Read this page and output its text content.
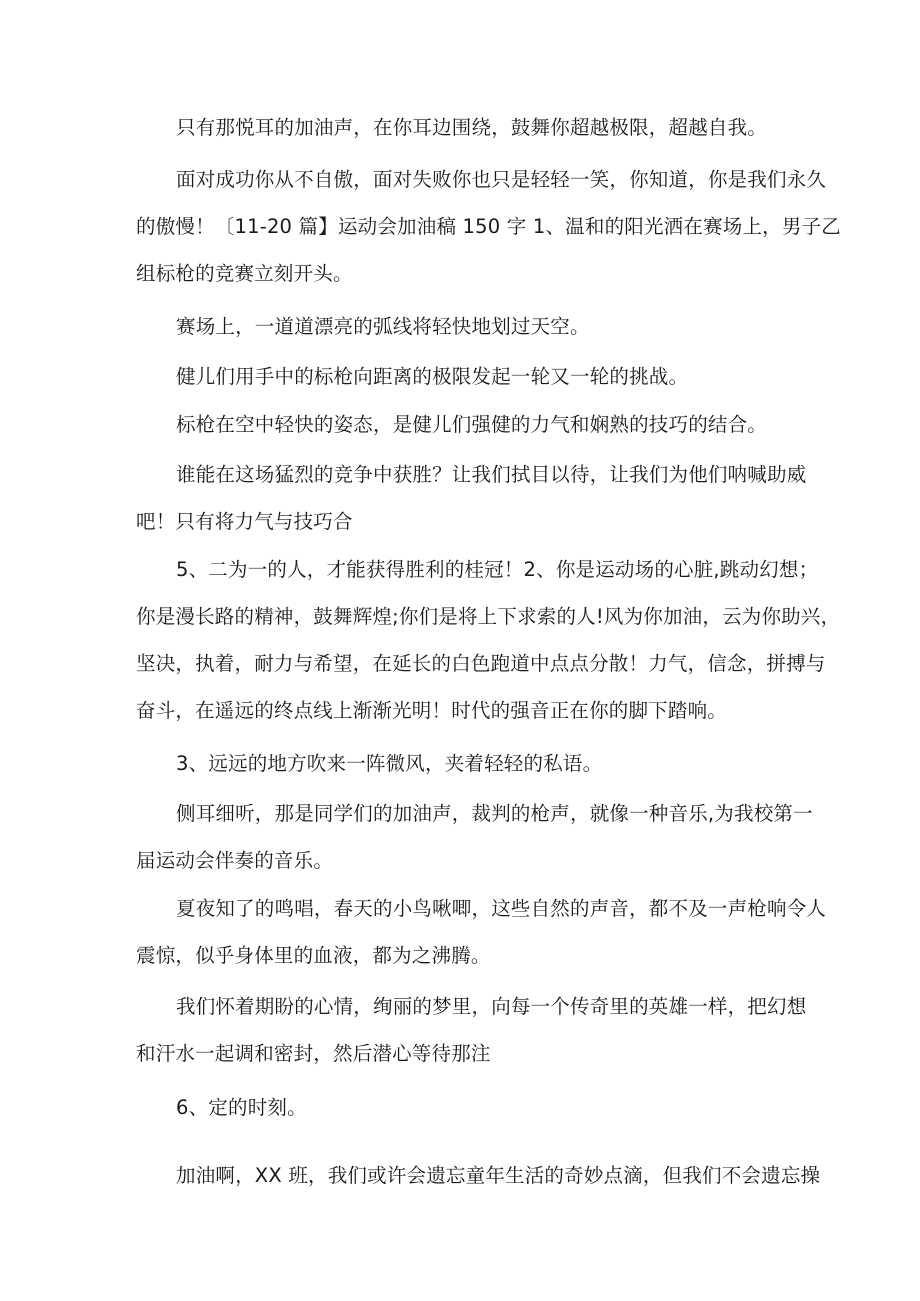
只有那悦耳的加油声，在你耳边围绕，鼓舞你超越极限，超越自我。
面对成功你从不自傲，面对失败你也只是轻轻一笑，你知道，你是我们永久
的傲慢！〔11-20 篇】运动会加油稿 150 字 1、温和的阳光洒在赛场上，男子乙
组标枪的竞赛立刻开头。
赛场上，一道道漂亮的弧线将轻快地划过天空。
健儿们用手中的标枪向距离的极限发起一轮又一轮的挑战。
标枪在空中轻快的姿态，是健儿们强健的力气和娴熟的技巧的结合。
谁能在这场猛烈的竞争中获胜？让我们拭目以待，让我们为他们呐喊助威
吧！只有将力气与技巧合
5、二为一的人，才能获得胜利的桂冠！2、你是运动场的心脏,跳动幻想；
你是漫长路的精神，鼓舞辉煌;你们是将上下求索的人!风为你加油，云为你助兴，
坚决，执着，耐力与希望，在延长的白色跑道中点点分散！力气，信念，拼搏与
奋斗，在遥远的终点线上渐渐光明！时代的强音正在你的脚下踏响。
3、远远的地方吹来一阵微风，夹着轻轻的私语。
侧耳细听，那是同学们的加油声，裁判的枪声，就像一种音乐,为我校第一
届运动会伴奏的音乐。
夏夜知了的鸣唱，春天的小鸟啾唧，这些自然的声音，都不及一声枪响令人
震惊，似乎身体里的血液，都为之沸腾。
我们怀着期盼的心情，绚丽的梦里，向每一个传奇里的英雄一样，把幻想
和汗水一起调和密封，然后潜心等待那注
6、定的时刻。
加油啊，XX 班，我们或许会遗忘童年生活的奇妙点滴，但我们不会遗忘操
